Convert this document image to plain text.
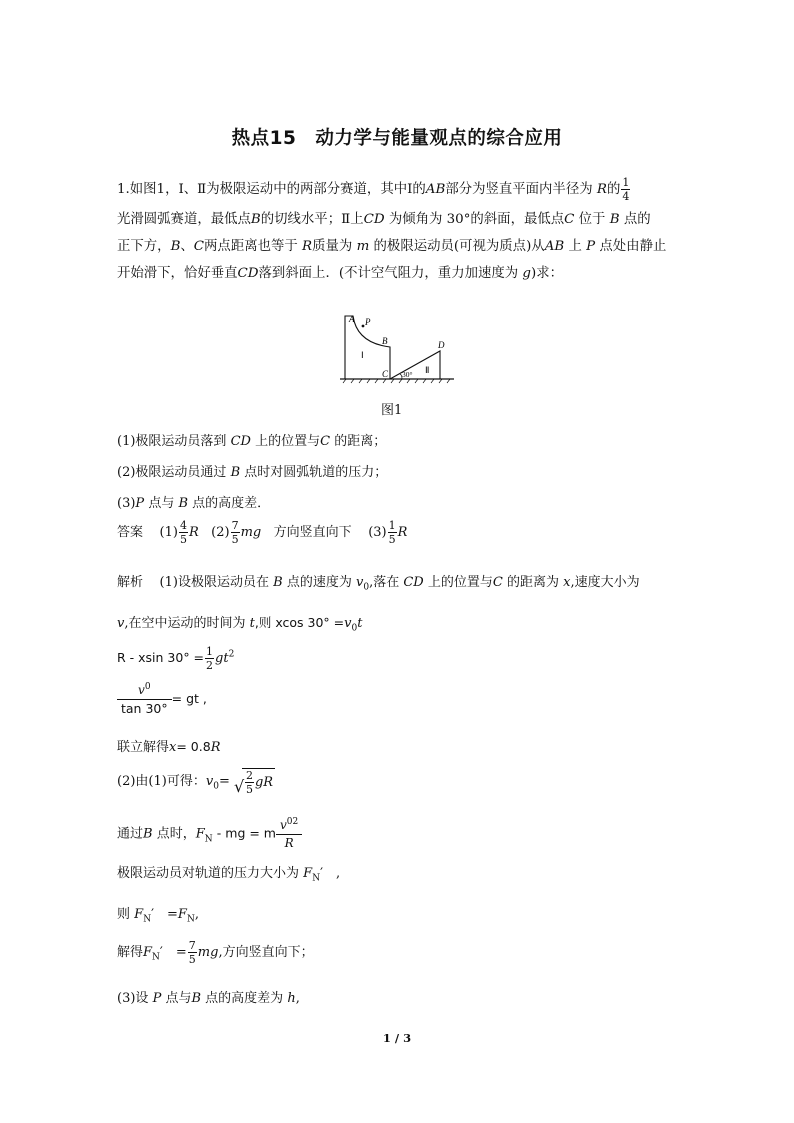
热点15　动力学与能量观点的综合应用
1.如图1，Ⅰ、Ⅱ为极限运动中的两部分赛道，其中Ⅰ的AB部分为竖直平面内半径为 R的 $\frac{1}{4}$
光滑圆弧赛道，最低点B的切线水平；Ⅱ上CD 为倾角为 30°的斜面，最低点C 位于 B 点的
正下方，B、C两点距离也等于 R质量为 m 的极限运动员(可视为质点)从AB 上 P 点处由静止
开始滑下，恰好垂直CD落到斜面上．(不计空气阻力，重力加速度为 g)求：
A P
B
C
D
Ⅰ
Ⅱ
30°
图1
(1)极限运动员落到 CD 上的位置与C 的距离；
(2)极限运动员通过 B 点时对圆弧轨道的压力；
(3)P 点与 B 点的高度差．
答案 $(1) \frac{4}{5}$ R $(2) \frac{7}{5}$ mg 方向竖直向下 $(3) \frac{1}{5}$ R
解析 (1)设极限运动员在 B 点的速度为 $v_0$,落在 CD 上的位置与C 的距离为 x,速度大小为
v,在空中运动的时间为 t,则 xcos $30^\circ =v_0t$
R - xsin $30^\circ = \frac{1}{2} gt^2$
$\frac{v^0}{\tan 30^\circ}$ = gt ,
联立解得x= 0.8R
(2)由(1)可得：$v_0=$ √ $\frac{2}{5}$ gR
通过B 点时，$F_N$ - mg = m $\frac{v^{02}}{R}$
极限运动员对轨道的压力大小为 $F_N'$　,
则 $F_N'$　$=F_N$,
解得$F_N'$　= $\frac{7}{5}$ mg,方向竖直向下；
(3)设 P 点与B 点的高度差为 h,
1 / 3
